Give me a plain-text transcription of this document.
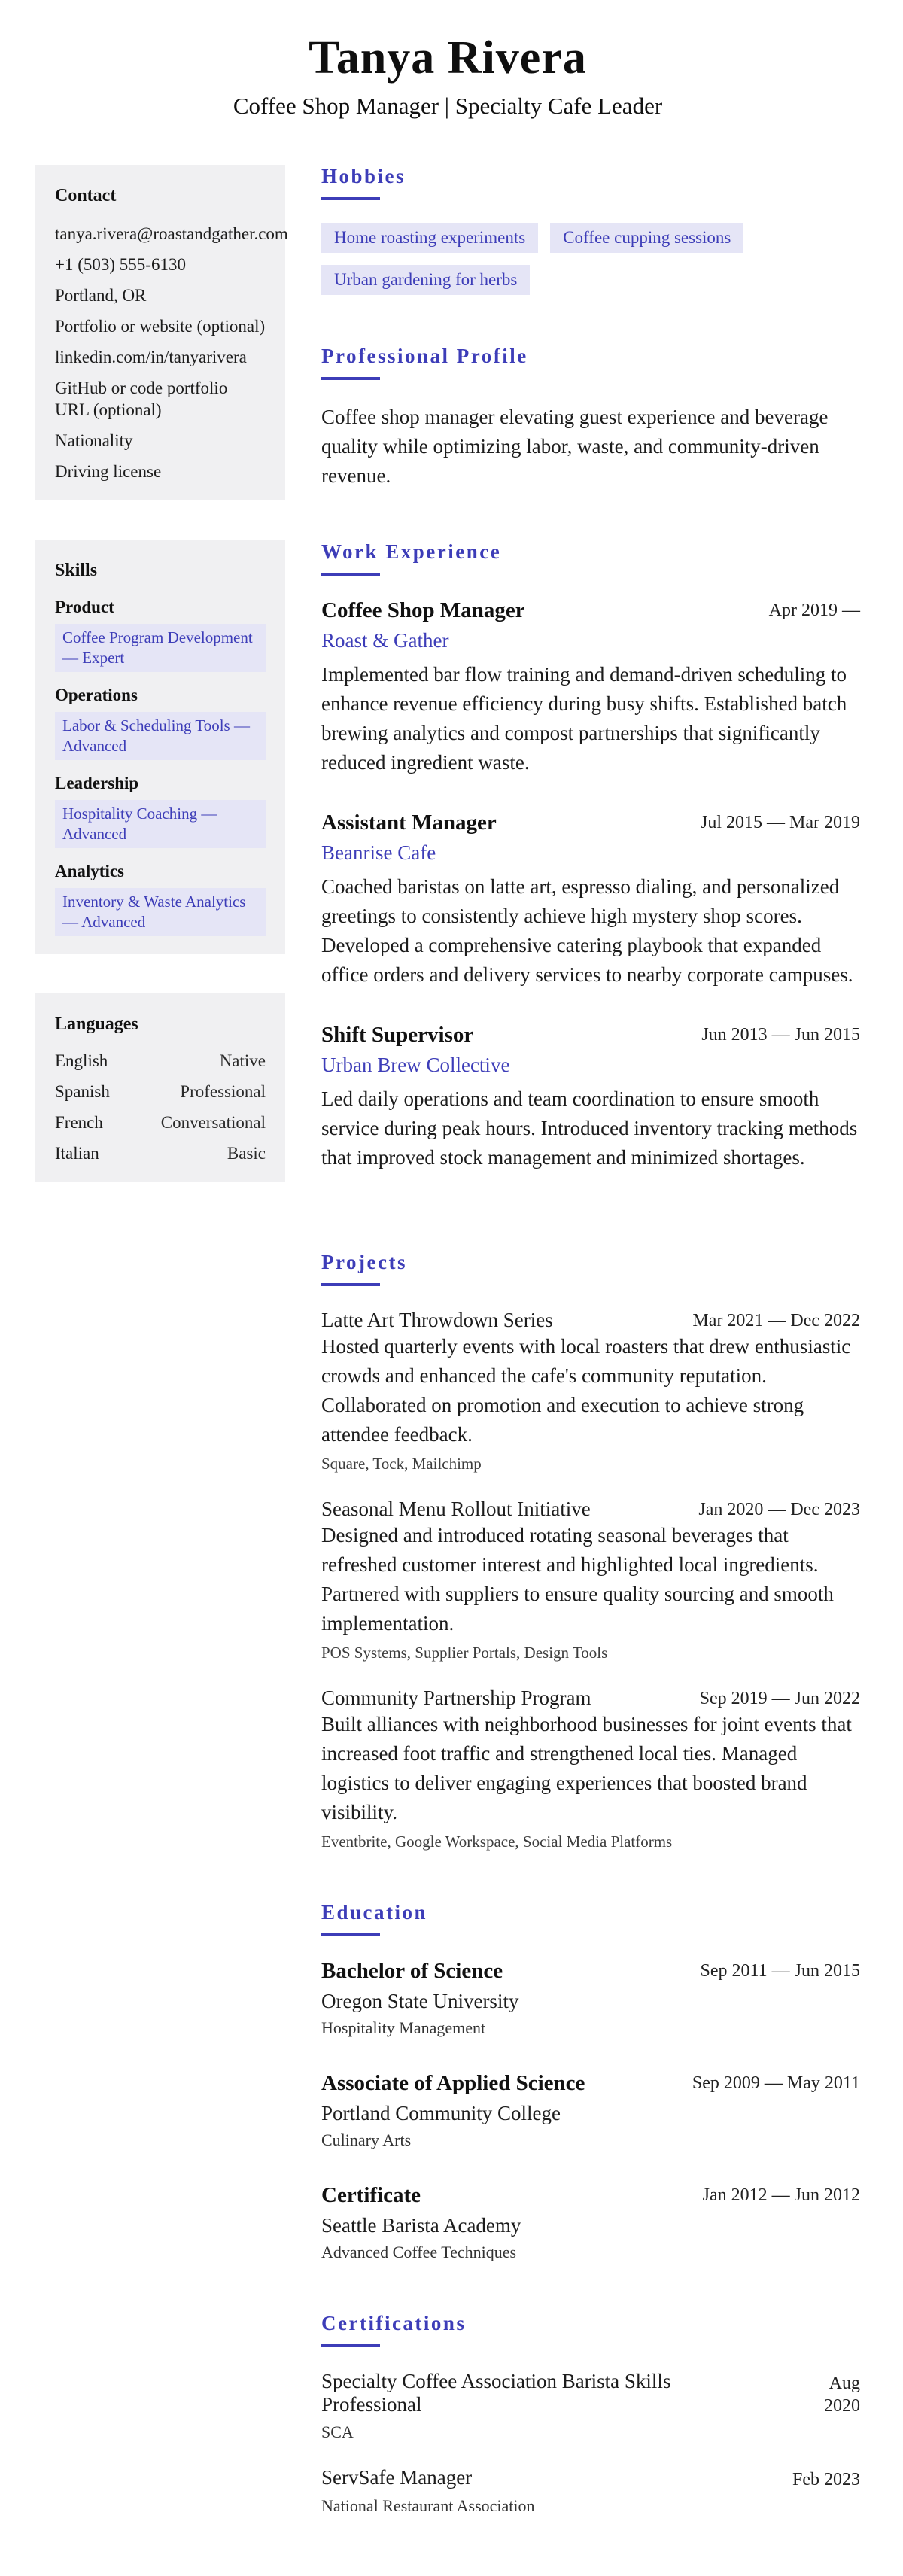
Tanya Rivera
Coffee Shop Manager | Specialty Cafe Leader
Contact
tanya.rivera@roastandgather.com
+1 (503) 555-6130
Portland, OR
Portfolio or website (optional)
linkedin.com/in/tanyarivera
GitHub or code portfolio URL (optional)
Nationality
Driving license
Skills
Product
Coffee Program Development — Expert
Operations
Labor & Scheduling Tools — Advanced
Leadership
Hospitality Coaching — Advanced
Analytics
Inventory & Waste Analytics — Advanced
Languages
English	Native
Spanish	Professional
French	Conversational
Italian	Basic
Hobbies
Home roasting experiments	Coffee cupping sessions
Urban gardening for herbs
Professional Profile

Coffee shop manager elevating guest experience and beverage quality while optimizing labor, waste, and community-driven revenue.

Work Experience
Coffee Shop Manager	Apr 2019 —
Roast & Gather

Implemented bar flow training and demand-driven scheduling to enhance revenue efficiency during busy shifts. Established batch brewing analytics and compost partnerships that significantly reduced ingredient waste.

Assistant Manager	Jul 2015 — Mar 2019
Beanrise Cafe

Coached baristas on latte art, espresso dialing, and personalized greetings to consistently achieve high mystery shop scores. Developed a comprehensive catering playbook that expanded office orders and delivery services to nearby corporate campuses.

Shift Supervisor	Jun 2013 — Jun 2015
Urban Brew Collective

Led daily operations and team coordination to ensure smooth service during peak hours. Introduced inventory tracking methods that improved stock management and minimized shortages.

Projects
Latte Art Throwdown Series	Mar 2021 — Dec 2022

Hosted quarterly events with local roasters that drew enthusiastic crowds and enhanced the cafe's community reputation. Collaborated on promotion and execution to achieve strong attendee feedback.

Square, Tock, Mailchimp
Seasonal Menu Rollout Initiative	Jan 2020 — Dec 2023

Designed and introduced rotating seasonal beverages that refreshed customer interest and highlighted local ingredients. Partnered with suppliers to ensure quality sourcing and smooth implementation.

POS Systems, Supplier Portals, Design Tools
Community Partnership Program	Sep 2019 — Jun 2022

Built alliances with neighborhood businesses for joint events that increased foot traffic and strengthened local ties. Managed logistics to deliver engaging experiences that boosted brand visibility.

Eventbrite, Google Workspace, Social Media Platforms
Education
Bachelor of Science	Sep 2011 — Jun 2015
Oregon State University
Hospitality Management
Associate of Applied Science	Sep 2009 — May 2011
Portland Community College
Culinary Arts
Certificate	Jan 2012 — Jun 2012
Seattle Barista Academy
Advanced Coffee Techniques
Certifications
Specialty Coffee Association Barista Skills Professional
Aug 2020
SCA
ServSafe Manager	Feb 2023
National Restaurant Association
